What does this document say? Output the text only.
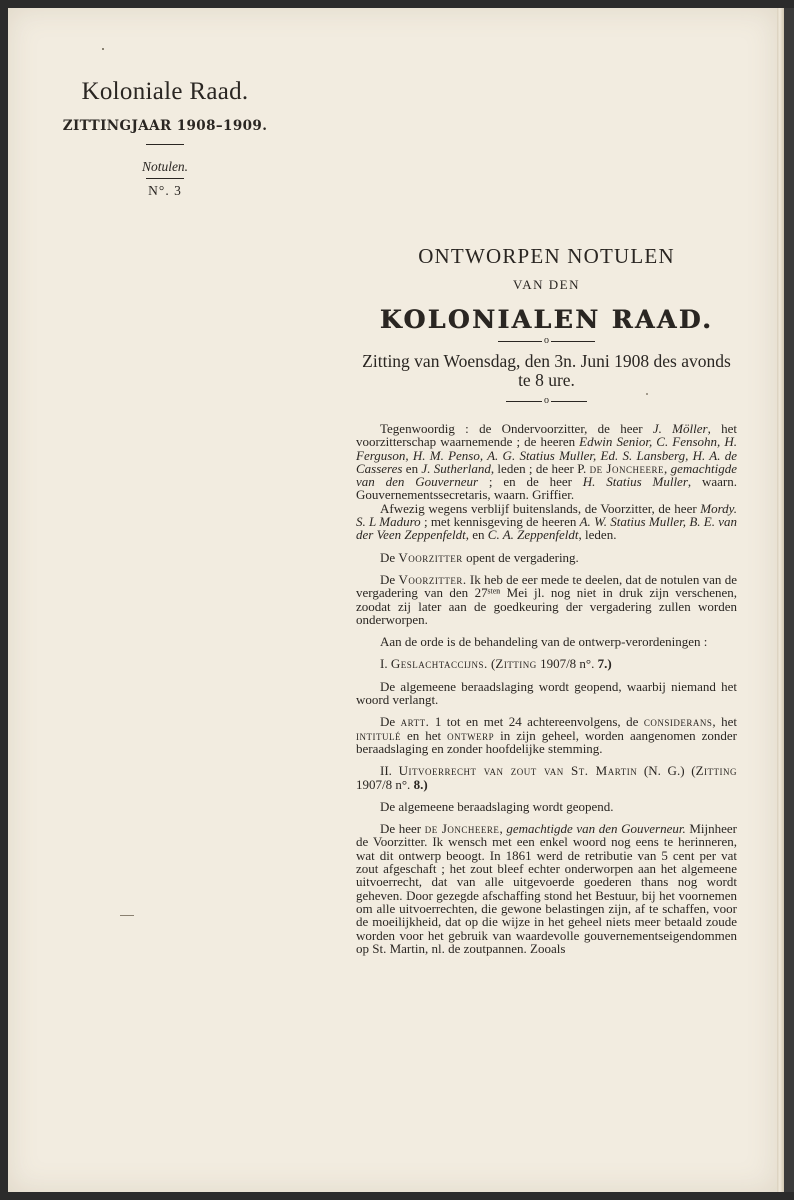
Koloniale Raad.
ZITTINGJAAR 1908–1909.
Notulen.
N°. 3
ONTWORPEN NOTULEN
VAN DEN
KOLONIALEN RAAD.
o
Zitting van Woensdag, den 3n. Juni 1908 des avonds te 8 ure.
o

Tegenwoordig : de Ondervoorzitter, de heer J. Möller, het voorzitterschap waarnemende ; de heeren Edwin Senior, C. Fensohn, H. Ferguson, H. M. Penso, A. G. Statius Muller, Ed. S. Lansberg, H. A. de Casseres en J. Sutherland, leden ; de heer P. de Joncheere, gemachtigde van den Gouverneur ; en de heer H. Statius Muller, waarn. Gouvernementssecretaris, waarn. Griffier.

Afwezig wegens verblijf buitenslands, de Voorzitter, de heer Mordy. S. L Maduro ; met kennisgeving de heeren A. W. Statius Muller, B. E. van der Veen Zeppenfeldt, en C. A. Zeppenfeldt, leden.

De Voorzitter opent de vergadering.

De Voorzitter. Ik heb de eer mede te deelen, dat de notulen van de vergadering van den 27ˢᵗᵉⁿ Mei jl. nog niet in druk zijn verschenen, zoodat zij later aan de goedkeuring der vergadering zullen worden onderworpen.

Aan de orde is de behandeling van de ontwerp-verordeningen :

I. Geslachtaccijns. (Zitting 1907/8 n°. 7.)

De algemeene beraadslaging wordt geopend, waarbij niemand het woord verlangt.

De artt. 1 tot en met 24 achtereenvolgens, de considerans, het intitulé en het ontwerp in zijn geheel, worden aangenomen zonder beraadslaging en zonder hoofdelijke stemming.

II. Uitvoerrecht van zout van St. Martin (N. G.) (Zitting 1907/8 n°. 8.)

De algemeene beraadslaging wordt geopend.

De heer de Joncheere, gemachtigde van den Gouverneur. Mijnheer de Voorzitter. Ik wensch met een enkel woord nog eens te herinneren, wat dit ontwerp beoogt. In 1861 werd de retributie van 5 cent per vat zout afgeschaft ; het zout bleef echter onderworpen aan het algemeene uitvoerrecht, dat van alle uitgevoerde goederen thans nog wordt geheven. Door gezegde afschaffing stond het Bestuur, bij het voornemen om alle uitvoerrechten, die gewone belastingen zijn, af te schaffen, voor de moeilijkheid, dat op die wijze in het geheel niets meer betaald zoude worden voor het gebruik van waardevolle gouvernementseigendommen op St. Martin, nl. de zoutpannen. Zooals
